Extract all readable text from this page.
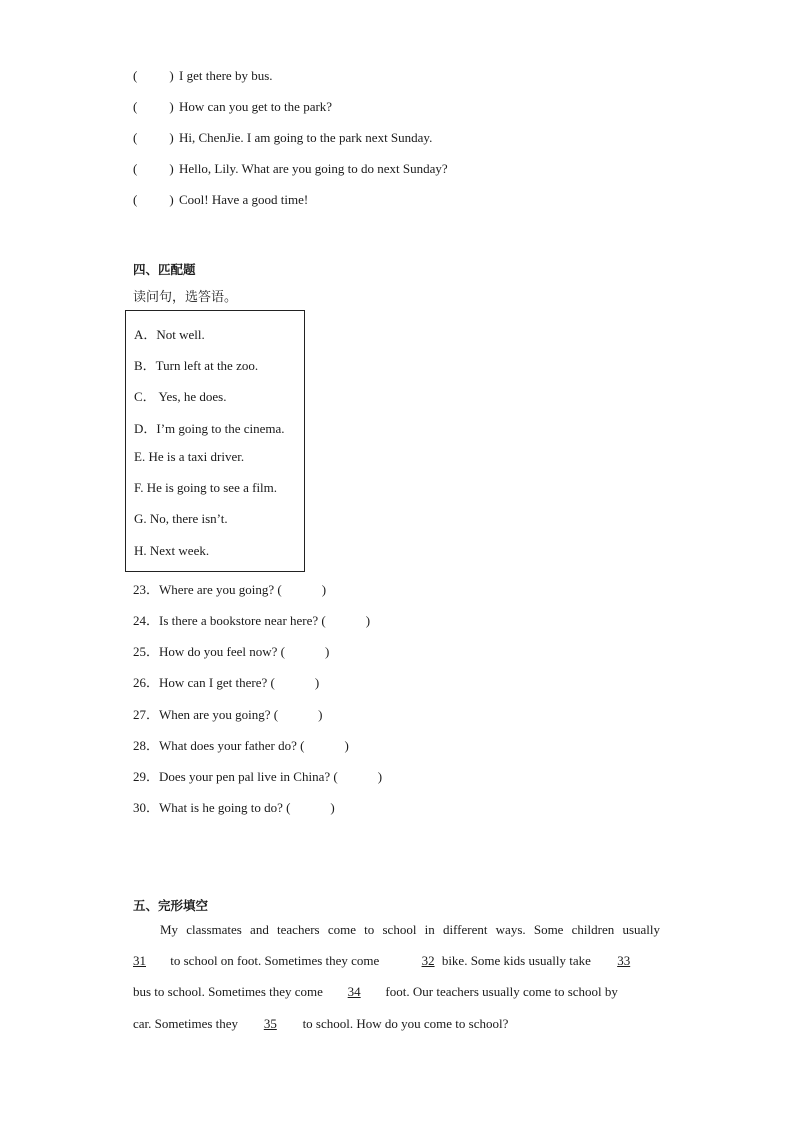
( ) I get there by bus.
( ) How can you get to the park?
( ) Hi, ChenJie. I am going to the park next Sunday.
( ) Hello, Lily. What are you going to do next Sunday?
( ) Cool! Have a good time!
四、匹配题
读问句，选答语。
A．Not well.
B．Turn left at the zoo.
C． Yes, he does.
D．I’m going to the cinema.
E. He is a taxi driver.
F. He is going to see a film.
G. No, there isn’t.
H. Next week.
23．Where are you going? (	)
24．Is there a bookstore near here? (	)
25．How do you feel now? (	)
26．How can I get there? (	)
27．When are you going? (	)
28．What does your father do? (	)
29．Does your pen pal live in China? (	)
30．What is he going to do? (	)
五、完形填空
My classmates and teachers come to school in different ways. Some children usually
31 to school on foot. Sometimes they come	32 bike. Some kids usually take 33
bus to school. Sometimes they come 34 foot. Our teachers usually come to school by
car. Sometimes they 35 to school. How do you come to school?
